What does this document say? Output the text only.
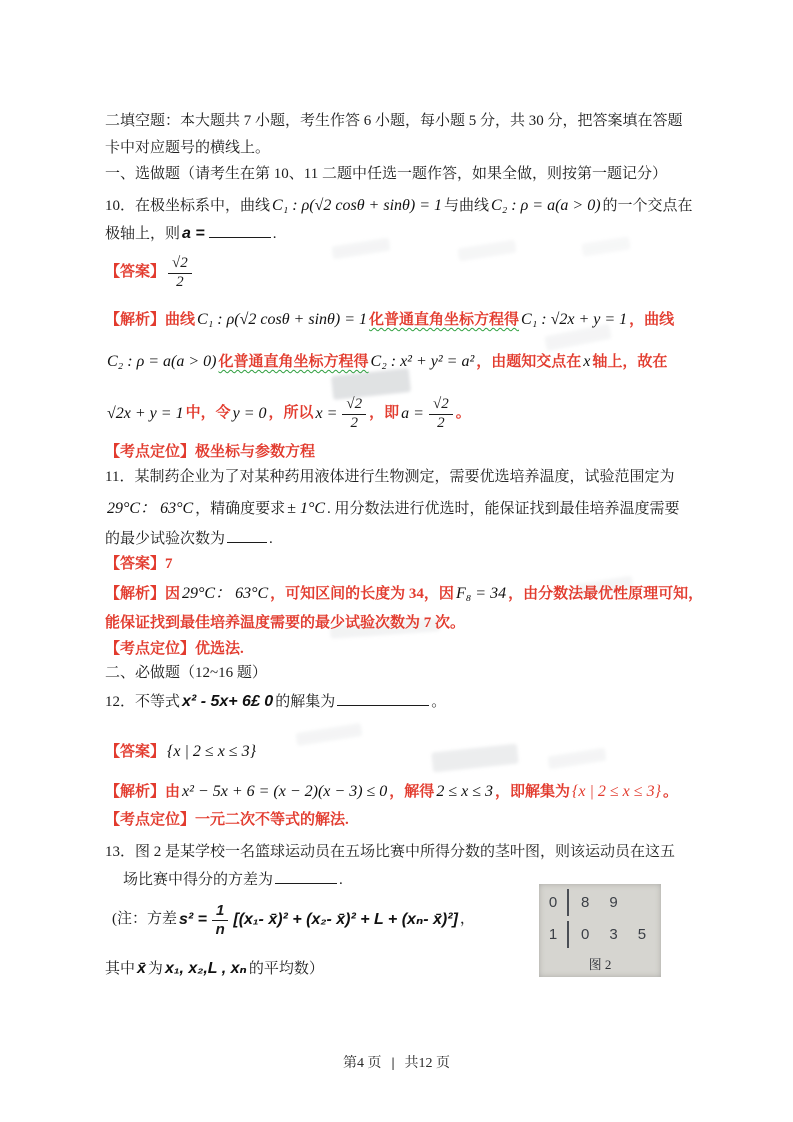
二填空题：本大题共 7 小题，考生作答 6 小题，每小题 5 分，共 30 分，把答案填在答题
卡中对应题号的横线上。
一、选做题（请考生在第 10、11 二题中任选一题作答，如果全做，则按第一题记分）
10．在极坐标系中，曲线 C₁ : ρ(√2 cosθ + sinθ) = 1 与曲线 C₂ : ρ = a(a > 0) 的一个交点在
极轴上，则 a =	.
【答案】 $\frac{√2}{2}$
【解析】曲线 C₁ : ρ(√2 cosθ + sinθ) = 1 化普通直角坐标方程得 C₁ : √2x + y = 1 ，曲线
C₂ : ρ = a(a > 0) 化普通直角坐标方程得 C₂ : x² + y² = a² ，由题知交点在 x 轴上，故在
√2x + y = 1 中，令 y = 0 ，所以 $x = \frac{√2}{2}$ ，即 $a = \frac{√2}{2}$ 。
【考点定位】极坐标与参数方程
11．某制药企业为了对某种药用液体进行生物测定，需要优选培养温度，试验范围定为
29°C： 63°C ，精确度要求 ± 1°C . 用分数法进行优选时，能保证找到最佳培养温度需要
的最少试验次数为	.
【答案】7
【解析】因 29°C： 63°C ，可知区间的长度为 34，因 F₈ = 34 ，由分数法最优性原理可知，
能保证找到最佳培养温度需要的最少试验次数为 7 次。
【考点定位】优选法.
二、必做题（12~16 题）
12．不等式 x² - 5x+ 6£ 0 的解集为	。
【答案】 {x | 2 ≤ x ≤ 3}
【解析】由 x² − 5x + 6 = (x − 2)(x − 3) ≤ 0 ，解得 2 ≤ x ≤ 3 ，即解集为 {x | 2 ≤ x ≤ 3} 。
【考点定位】一元二次不等式的解法.
13．图 2 是某学校一名篮球运动员在五场比赛中所得分数的茎叶图，则该运动员在这五
场比赛中得分的方差为	.
(注：方差 $s^2 = \frac{1}{n} [(x_1-$ x̄)² + (x₂- x̄)² + L + (xₙ- x̄)²] ，
其中 x̄ 为 x₁, x₂,L , xₙ 的平均数）
0	8 9
1	0 3 5
图 2
第4 页 | 共12 页
